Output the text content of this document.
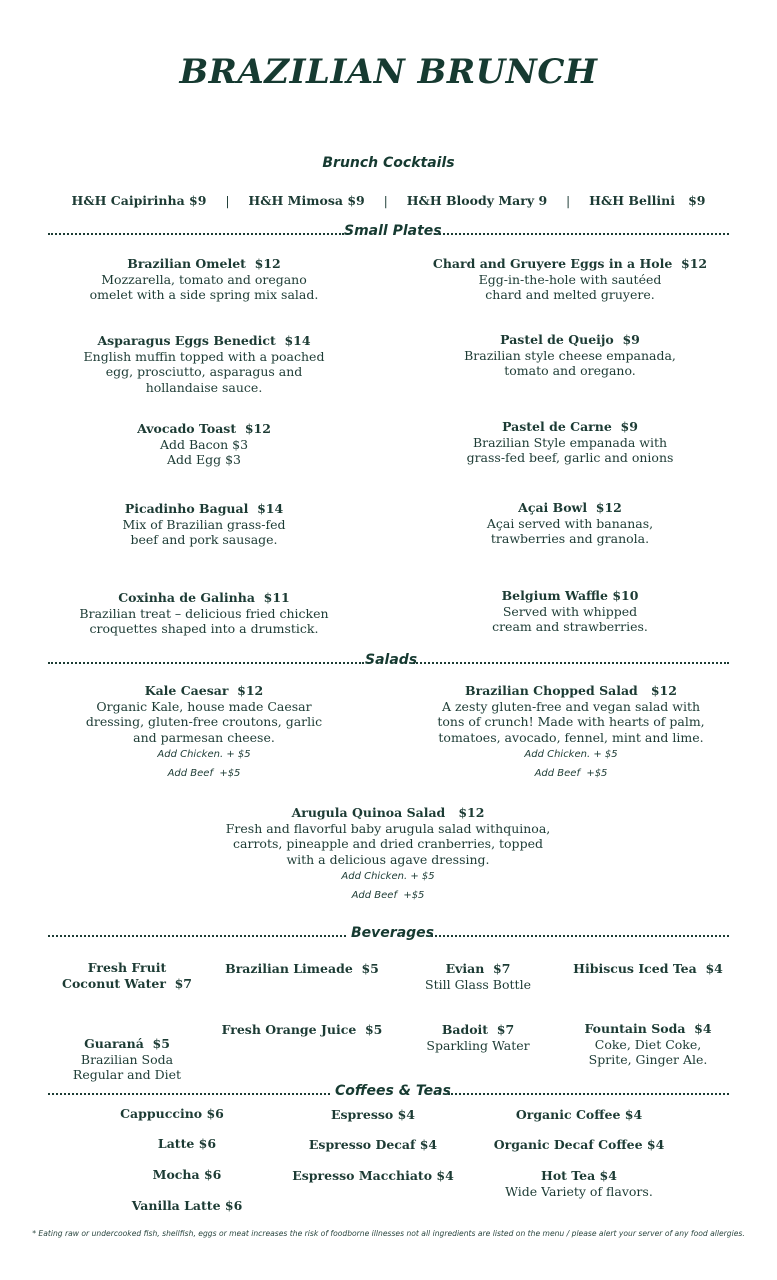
BRAZILIAN BRUNCH
Brunch Cocktails
H&H Caipirinha $9 | H&H Mimosa $9 | H&H Bloody Mary 9 | H&H Bellini   $9
Small Plates
Brazilian Omelet  $12
Mozzarella, tomato and oregano
omelet with a side spring mix salad.
Chard and Gruyere Eggs in a Hole  $12
Egg-in-the-hole with sautéed
chard and melted gruyere.
Asparagus Eggs Benedict  $14
English muffin topped with a poached
egg, prosciutto, asparagus and
hollandaise sauce.
Pastel de Queijo  $9
Brazilian style cheese empanada,
tomato and oregano.
Avocado Toast  $12
Add Bacon $3
Add Egg $3
Pastel de Carne  $9
Brazilian Style empanada with
grass-fed beef, garlic and onions
Picadinho Bagual  $14
Mix of Brazilian grass-fed
beef and pork sausage.
Açai Bowl  $12
Açai served with bananas,
trawberries and granola.
Coxinha de Galinha  $11
Brazilian treat – delicious fried chicken
croquettes shaped into a drumstick.
Belgium Waffle $10
Served with whipped
cream and strawberries.
Salads
Kale Caesar  $12
Organic Kale, house made Caesar
dressing, gluten-free croutons, garlic
and parmesan cheese.
Add Chicken. + $5
Add Beef  +$5
Brazilian Chopped Salad   $12
A zesty gluten-free and vegan salad with
tons of crunch! Made with hearts of palm,
tomatoes, avocado, fennel, mint and lime.
Add Chicken. + $5
Add Beef  +$5
Arugula Quinoa Salad   $12
Fresh and flavorful baby arugula salad withquinoa,
carrots, pineapple and dried cranberries, topped
with a delicious agave dressing.
Add Chicken. + $5
Add Beef  +$5
Beverages
Fresh Fruit
Coconut Water  $7
Brazilian Limeade  $5	Evian  $7
Still Glass Bottle
Hibiscus Iced Tea  $4
Guaraná  $5
Brazilian Soda
Regular and Diet
Fresh Orange Juice  $5	Badoit  $7
Sparkling Water
Fountain Soda  $4
Coke, Diet Coke,
Sprite, Ginger Ale.
Coffees & Teas
Cappuccino $6
Latte $6
Mocha $6
Vanilla Latte $6
Espresso $4
Espresso Decaf $4
Espresso Macchiato $4
Organic Coffee $4
Organic Decaf Coffee $4
Hot Tea $4
Wide Variety of flavors.
* Eating raw or undercooked fish, shellfish, eggs or meat increases the risk of foodborne illnesses not all ingredients are listed on the menu / please alert your server of any food allergies.
